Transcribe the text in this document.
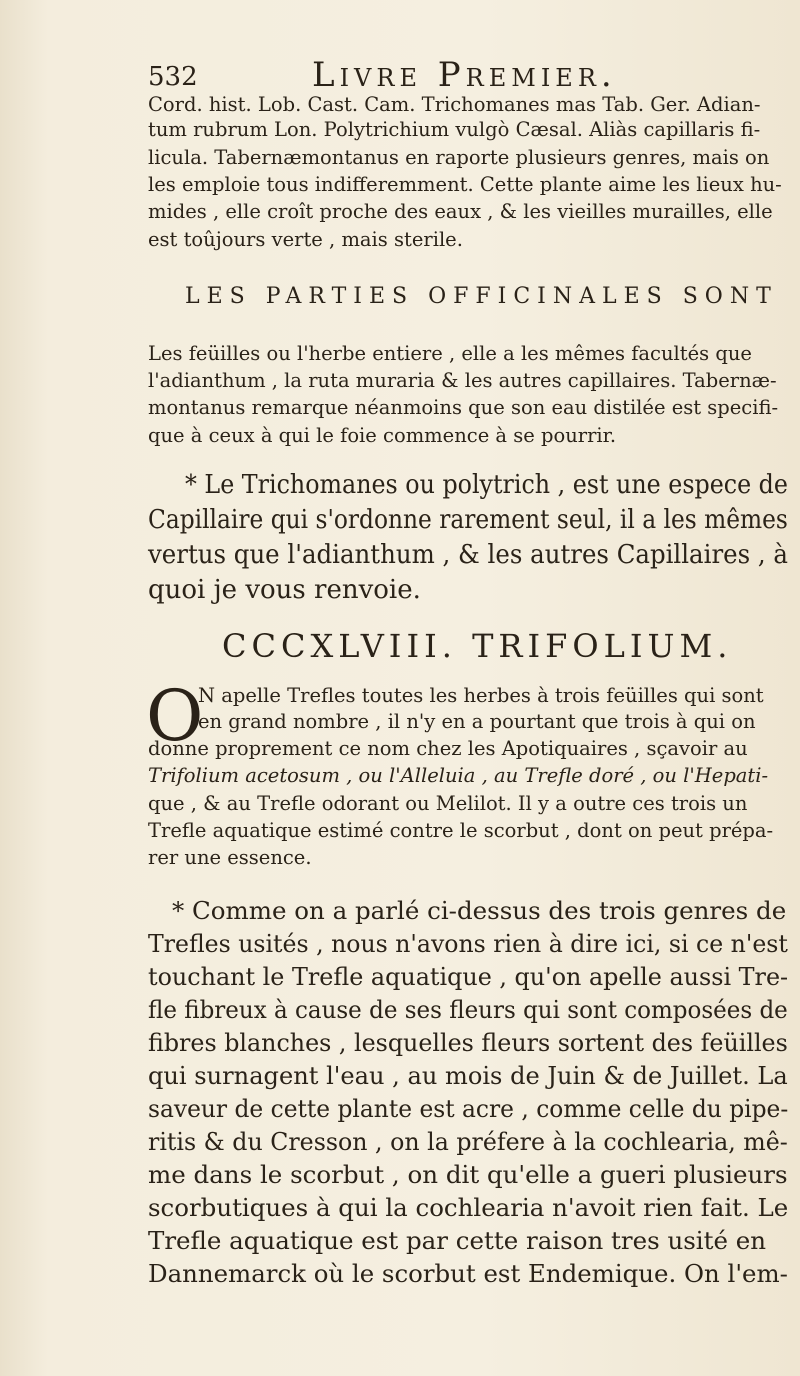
532	Livre Premier.
Cord. hist. Lob. Cast. Cam. Trichomanes mas Tab. Ger. Adian-
tum rubrum Lon. Polytrichium vulgò Cæsal. Aliàs capillaris fi-
licula. Tabernæmontanus en raporte plusieurs genres, mais on
les emploie tous indifferemment. Cette plante aime les lieux hu-
mides , elle croît proche des eaux , & les vieilles murailles, elle
est toûjours verte , mais sterile.
LES PARTIES OFFICINALES SONT
Les feüilles ou l'herbe entiere , elle a les mêmes facultés que
l'adianthum , la ruta muraria & les autres capillaires. Tabernæ-
montanus remarque néanmoins que son eau distilée est specifi-
que à ceux à qui le foie commence à se pourrir.
* Le Trichomanes ou polytrich , est une espece de
Capillaire qui s'ordonne rarement seul, il a les mêmes
vertus que l'adianthum , & les autres Capillaires , à
quoi je vous renvoie.
CCCXLVIII. TRIFOLIUM.
O
N apelle Trefles toutes les herbes à trois feüilles qui sont
en grand nombre , il n'y en a pourtant que trois à qui on
donne proprement ce nom chez les Apotiquaires , sçavoir au
Trifolium acetosum , ou l'Alleluia , au Trefle doré , ou l'Hepati-
que , & au Trefle odorant ou Melilot. Il y a outre ces trois un
Trefle aquatique estimé contre le scorbut , dont on peut prépa-
rer une essence.
* Comme on a parlé ci-dessus des trois genres de
Trefles usités , nous n'avons rien à dire ici, si ce n'est
touchant le Trefle aquatique , qu'on apelle aussi Tre-
fle fibreux à cause de ses fleurs qui sont composées de
fibres blanches , lesquelles fleurs sortent des feüilles
qui surnagent l'eau , au mois de Juin & de Juillet. La
saveur de cette plante est acre , comme celle du pipe-
ritis & du Cresson , on la préfere à la cochlearia, mê-
me dans le scorbut , on dit qu'elle a gueri plusieurs
scorbutiques à qui la cochlearia n'avoit rien fait. Le
Trefle aquatique est par cette raison tres usité en
Dannemarck où le scorbut est Endemique. On l'em-
